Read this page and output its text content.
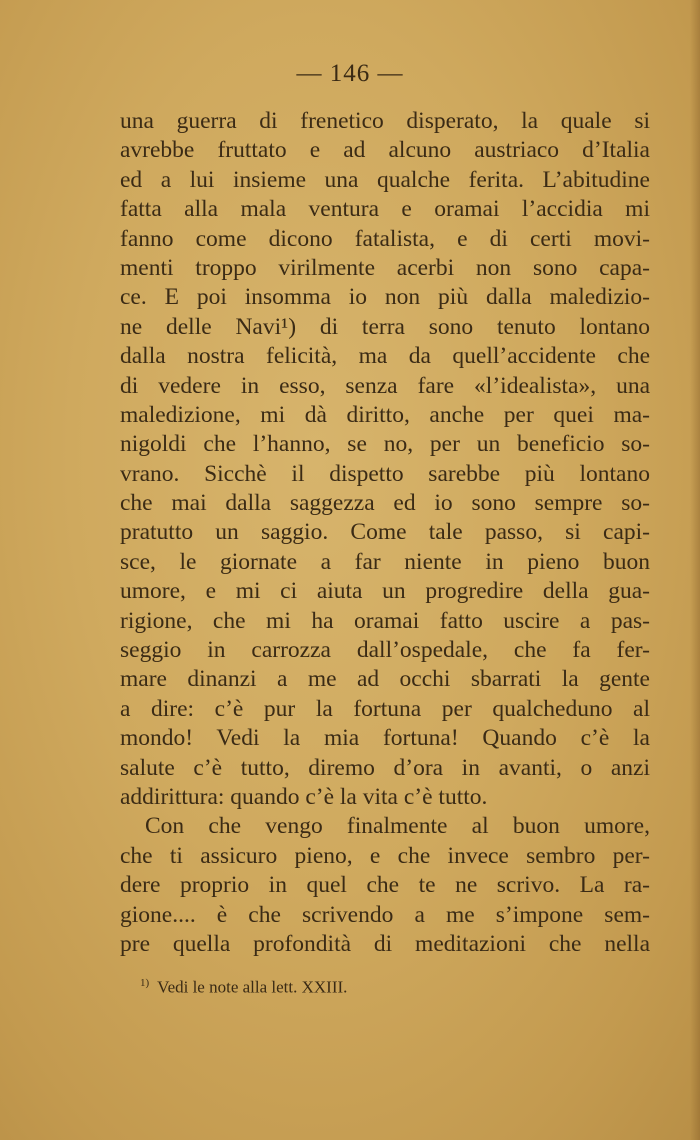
— 146 —
una guerra di frenetico disperato, la quale si
avrebbe fruttato e ad alcuno austriaco d’Italia
ed a lui insieme una qualche ferita. L’abitudine
fatta alla mala ventura e oramai l’accidia mi
fanno come dicono fatalista, e di certi movi-
menti troppo virilmente acerbi non sono capa-
ce. E poi insomma io non più dalla maledizio-
ne delle Navi¹) di terra sono tenuto lontano
dalla nostra felicità, ma da quell’accidente che
di vedere in esso, senza fare «l’idealista», una
maledizione, mi dà diritto, anche per quei ma-
nigoldi che l’hanno, se no, per un beneficio so-
vrano. Sicchè il dispetto sarebbe più lontano
che mai dalla saggezza ed io sono sempre so-
pratutto un saggio. Come tale passo, si capi-
sce, le giornate a far niente in pieno buon
umore, e mi ci aiuta un progredire della gua-
rigione, che mi ha oramai fatto uscire a pas-
seggio in carrozza dall’ospedale, che fa fer-
mare dinanzi a me ad occhi sbarrati la gente
a dire: c’è pur la fortuna per qualcheduno al
mondo! Vedi la mia fortuna! Quando c’è la
salute c’è tutto, diremo d’ora in avanti, o anzi
addirittura: quando c’è la vita c’è tutto.
Con che vengo finalmente al buon umore,
che ti assicuro pieno, e che invece sembro per-
dere proprio in quel che te ne scrivo. La ra-
gione.... è che scrivendo a me s’impone sem-
pre quella profondità di meditazioni che nella
$^{1)}$ Vedi le note alla lett. XXIII.
